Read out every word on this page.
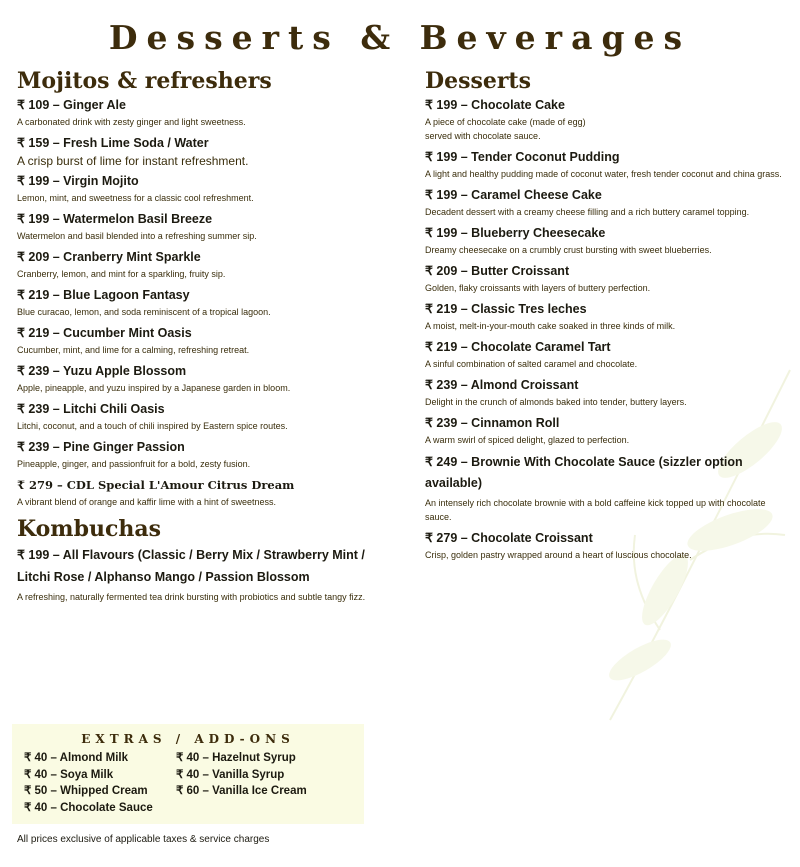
Desserts & Beverages
Mojitos & refreshers
₹ 109 – Ginger Ale
A carbonated drink with zesty ginger and light sweetness.
₹ 159 – Fresh Lime Soda / Water
A crisp burst of lime for instant refreshment.
₹ 199 – Virgin Mojito
Lemon, mint, and sweetness for a classic cool refreshment.
₹ 199 – Watermelon Basil Breeze
Watermelon and basil blended into a refreshing summer sip.
₹ 209 – Cranberry Mint Sparkle
Cranberry, lemon, and mint for a sparkling, fruity sip.
₹ 219 – Blue Lagoon Fantasy
Blue curacao, lemon, and soda reminiscent of a tropical lagoon.
₹ 219 – Cucumber Mint Oasis
Cucumber, mint, and lime for a calming, refreshing retreat.
₹ 239 – Yuzu Apple Blossom
Apple, pineapple, and yuzu inspired by a Japanese garden in bloom.
₹ 239 – Litchi Chili Oasis
Litchi, coconut, and a touch of chili inspired by Eastern spice routes.
₹ 239 – Pine Ginger Passion
Pineapple, ginger, and passionfruit for a bold, zesty fusion.
₹ 279 – CDL Special L'Amour Citrus Dream
A vibrant blend of orange and kaffir lime with a hint of sweetness.
Kombuchas
₹ 199 – All Flavours (Classic / Berry Mix / Strawberry Mint / Litchi Rose / Alphanso Mango / Passion Blossom
A refreshing, naturally fermented tea drink bursting with probiotics and subtle tangy fizz.
Desserts
₹ 199 – Chocolate Cake
A piece of chocolate cake (made of egg) served with chocolate sauce.
₹ 199 – Tender Coconut Pudding
A light and healthy pudding made of coconut water, fresh tender coconut and china grass.
₹ 199 – Caramel Cheese Cake
Decadent dessert with a creamy cheese filling and a rich buttery caramel topping.
₹ 199 – Blueberry Cheesecake
Dreamy cheesecake on a crumbly crust bursting with sweet blueberries.
₹ 209 – Butter Croissant
Golden, flaky croissants with layers of buttery perfection.
₹ 219 – Classic Tres leches
A moist, melt-in-your-mouth cake soaked in three kinds of milk.
₹ 219 – Chocolate Caramel Tart
A sinful combination of salted caramel and chocolate.
₹ 239 – Almond Croissant
Delight in the crunch of almonds baked into tender, buttery layers.
₹ 239 – Cinnamon Roll
A warm swirl of spiced delight, glazed to perfection.
₹ 249 – Brownie With Chocolate Sauce (sizzler option available)
An intensely rich chocolate brownie with a bold caffeine kick topped up with chocolate sauce.
₹ 279 – Chocolate Croissant
Crisp, golden pastry wrapped around a heart of luscious chocolate.
EXTRAS / ADD-ONS
₹ 40 – Almond Milk
₹ 40 – Soya Milk
₹ 50 – Whipped Cream
₹ 40 – Chocolate Sauce
₹ 40 – Hazelnut Syrup
₹ 40 – Vanilla Syrup
₹ 60 – Vanilla Ice Cream
All prices exclusive of applicable taxes & service charges
